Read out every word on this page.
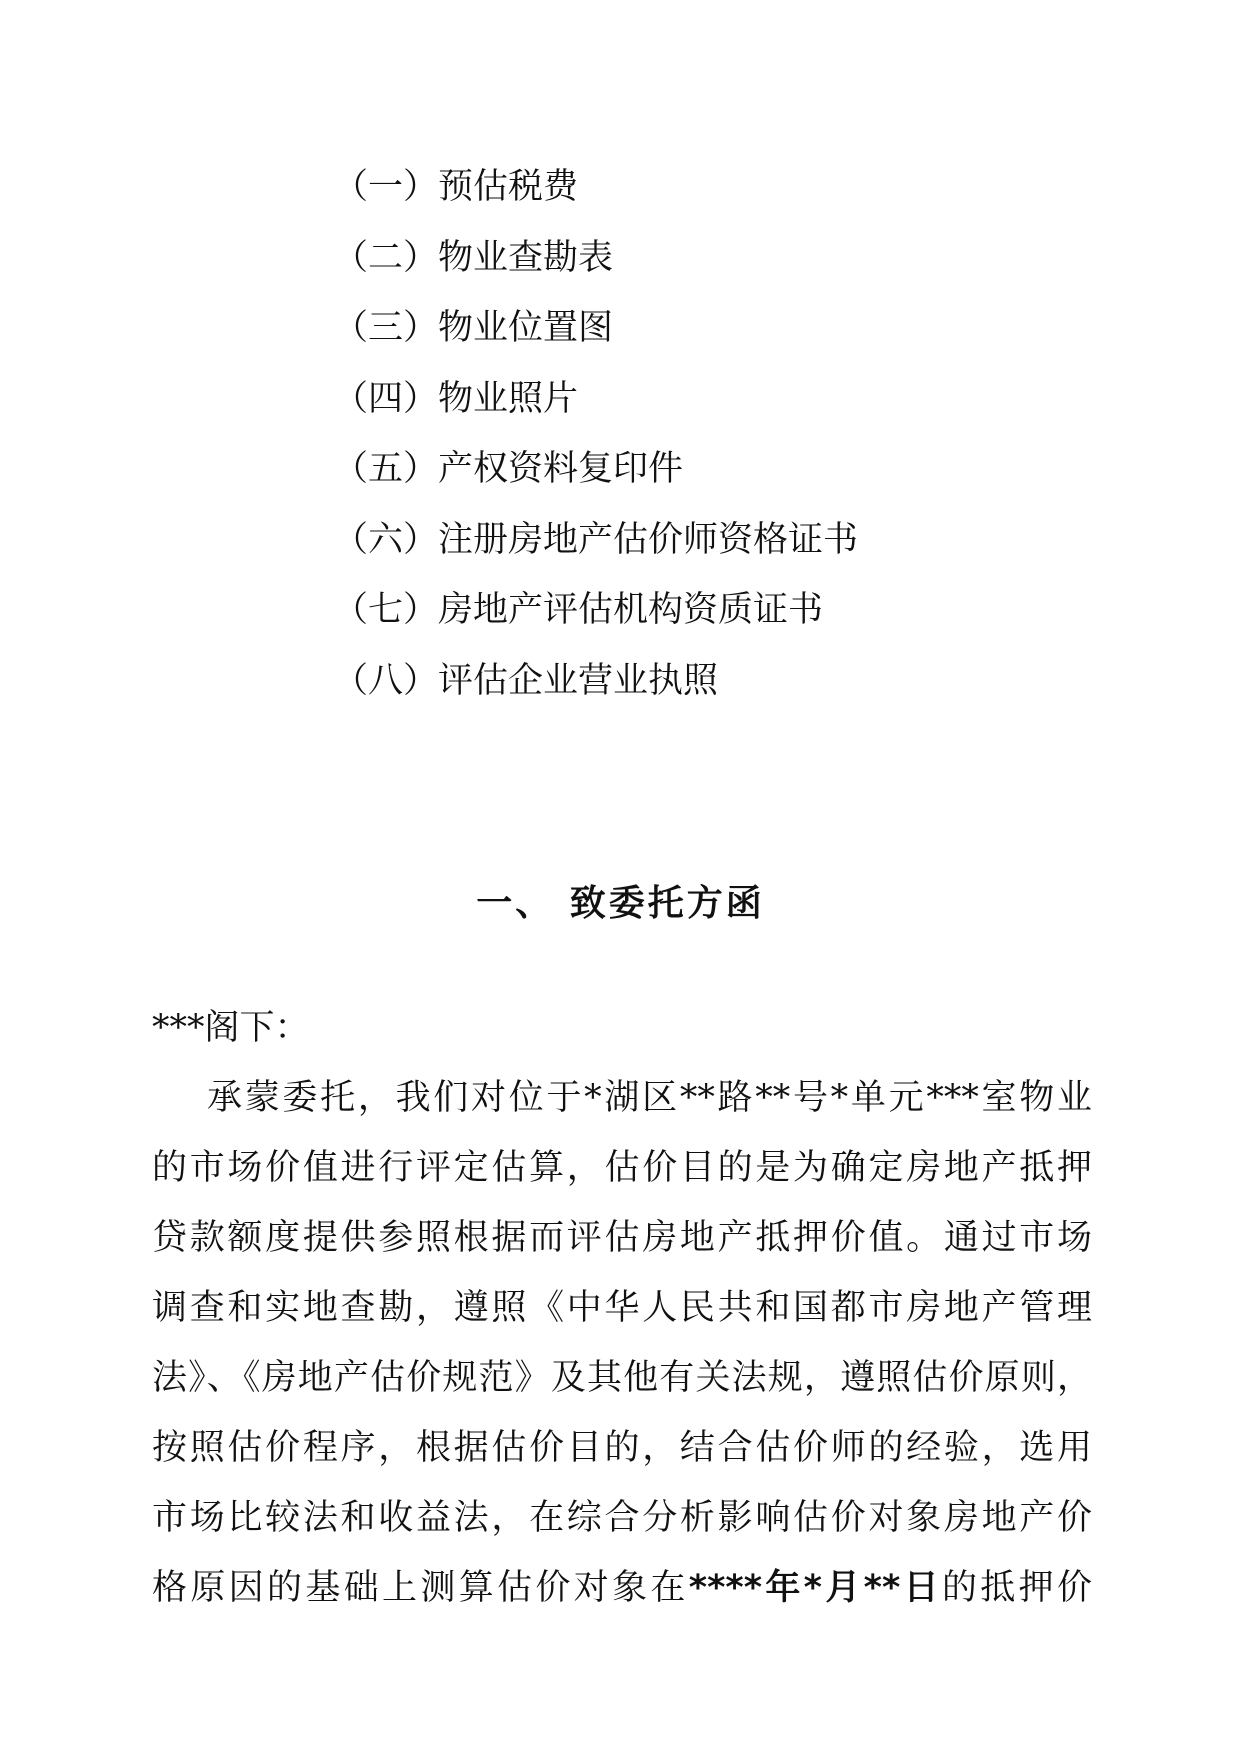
（一）预估税费
（二）物业查勘表
（三）物业位置图
（四）物业照片
（五）产权资料复印件
（六）注册房地产估价师资格证书
（七）房地产评估机构资质证书
（八）评估企业营业执照
一、 致委托方函
***阁下：
承蒙委托，我们对位于*湖区**路**号*单元***室物业
的市场价值进行评定估算，估价目的是为确定房地产抵押
贷款额度提供参照根据而评估房地产抵押价值。通过市场
调查和实地查勘，遵照《中华人民共和国都市房地产管理
法》、《房地产估价规范》及其他有关法规，遵照估价原则，
按照估价程序，根据估价目的，结合估价师的经验，选用
市场比较法和收益法，在综合分析影响估价对象房地产价
格原因的基础上测算估价对象在****年*月**日的抵押价
